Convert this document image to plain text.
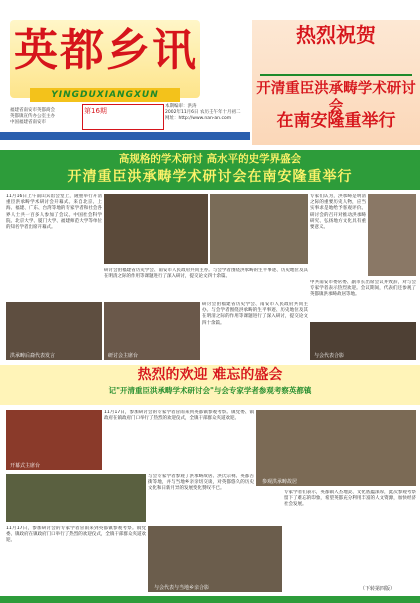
英都乡讯
YINGDUXIANGXUN
福建省南安市英都商会
英都镇宣传办公室主办
中国福建省南安市
第16期
本期编审：洪涛
2002年11月6日 农历壬午年十月初二
网址：http://www.nan-an.com
热烈祝贺
开清重臣洪承畴学术研讨会
在南安隆重举行
高规格的学术研讨 高水平的史学界盛会
开清重臣洪承畴学术研讨会在南安隆重举行
11月16日上午南山宾馆会堂上，隆重举行开清重臣洪承畴学术研讨会开幕式。来自北京、上海、福建、广东、台湾等地的专家学者和社会各界人士共一百多人参加了会议。中国社会科学院、北京大学、厦门大学、福建师范大学等单位的知名学者出席开幕式。
专家们认为，洪承畴是明清之际的重要历史人物，应当实事求是地给予客观评价。研讨会的召开对推动洪承畴研究、弘扬地方文化具有重要意义。
研讨会由福建省历史学会、南安市人民政府共同主办。与会学者围绕洪承畴的生平事迹、历史地位及其在明清之际的作用等课题进行了深入研讨，提交论文四十余篇。
中共南安市委常委、副市长出席会议并致辞，对与会专家学者表示热烈欢迎。会议期间，代表们还参观了英都镇洪承畴故居等地。
洪承畴后裔代表发言	研讨会主席台
研讨会由福建省历史学会、南安市人民政府共同主办。与会学者围绕洪承畴的生平事迹、历史地位及其在明清之际的作用等课题进行了深入研讨，提交论文四十余篇。
与会代表合影
热烈的欢迎 难忘的盛会
记"开清重臣洪承畴学术研讨会"与会专家学者参观考察英都镇
开幕式主席台
11月17日，参加研讨会的专家学者冒雨来到英都镇参观考察。镇党委、镇政府在镇政府门口举行了热烈的欢迎仪式，全镇干部群众夹道欢迎。
参观洪承畴故居
与会专家学者参观了洪承畴故居、洪氏宗祠、英都古街等地，并与当地乡亲亲切交谈，对英都悠久的历史文化和日新月异的发展变化赞叹不已。
11月17日，参加研讨会的专家学者冒雨来到英都镇参观考察。镇党委、镇政府在镇政府门口举行了热烈的欢迎仪式，全镇干部群众夹道欢迎。
与会代表与当地乡亲合影
专家学者们表示，英都镇人杰地灵、文化底蕴深厚，此次参观考察留下了难忘的印象，希望英都充分利用丰富的人文资源，加快经济社会发展。
（下转第四版）
